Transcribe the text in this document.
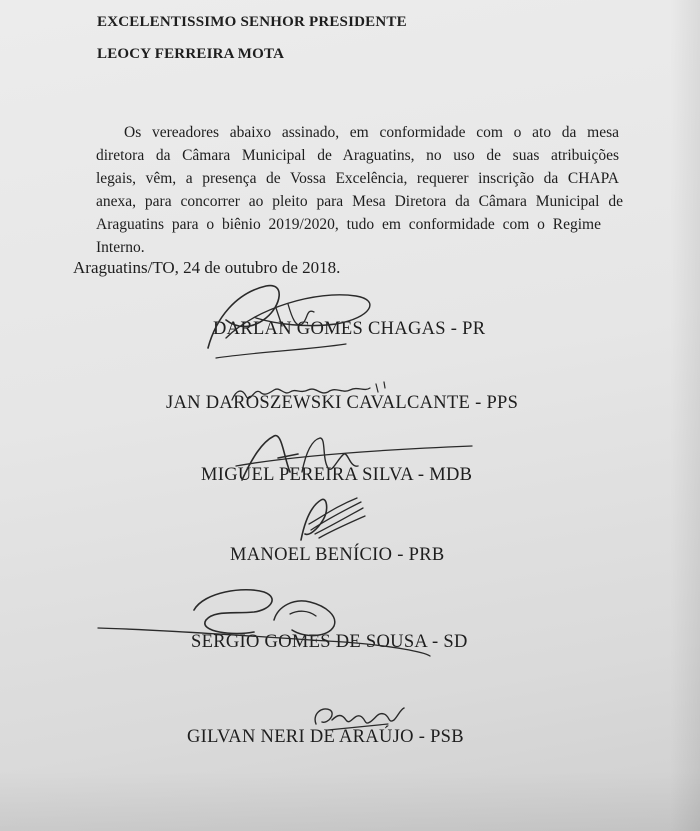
EXCELENTISSIMO SENHOR PRESIDENTE
LEOCY FERREIRA MOTA
Os vereadores abaixo assinado, em conformidade com o ato da mesa
diretora da Câmara Municipal de Araguatins, no uso de suas atribuições
legais, vêm, a presença de Vossa Excelência, requerer inscrição da CHAPA
anexa, para concorrer ao pleito para Mesa Diretora da Câmara Municipal de
Araguatins para o biênio 2019/2020, tudo em conformidade com o Regime
Interno.
Araguatins/TO, 24 de outubro de 2018.
DARLAN GOMES CHAGAS - PR
JAN DAROSZEWSKI CAVALCANTE - PPS
MIGUEL PEREIRA SILVA - MDB
MANOEL BENÍCIO - PRB
SERGIO GOMES DE SOUSA - SD
GILVAN NERI DE ARAÚJO - PSB
